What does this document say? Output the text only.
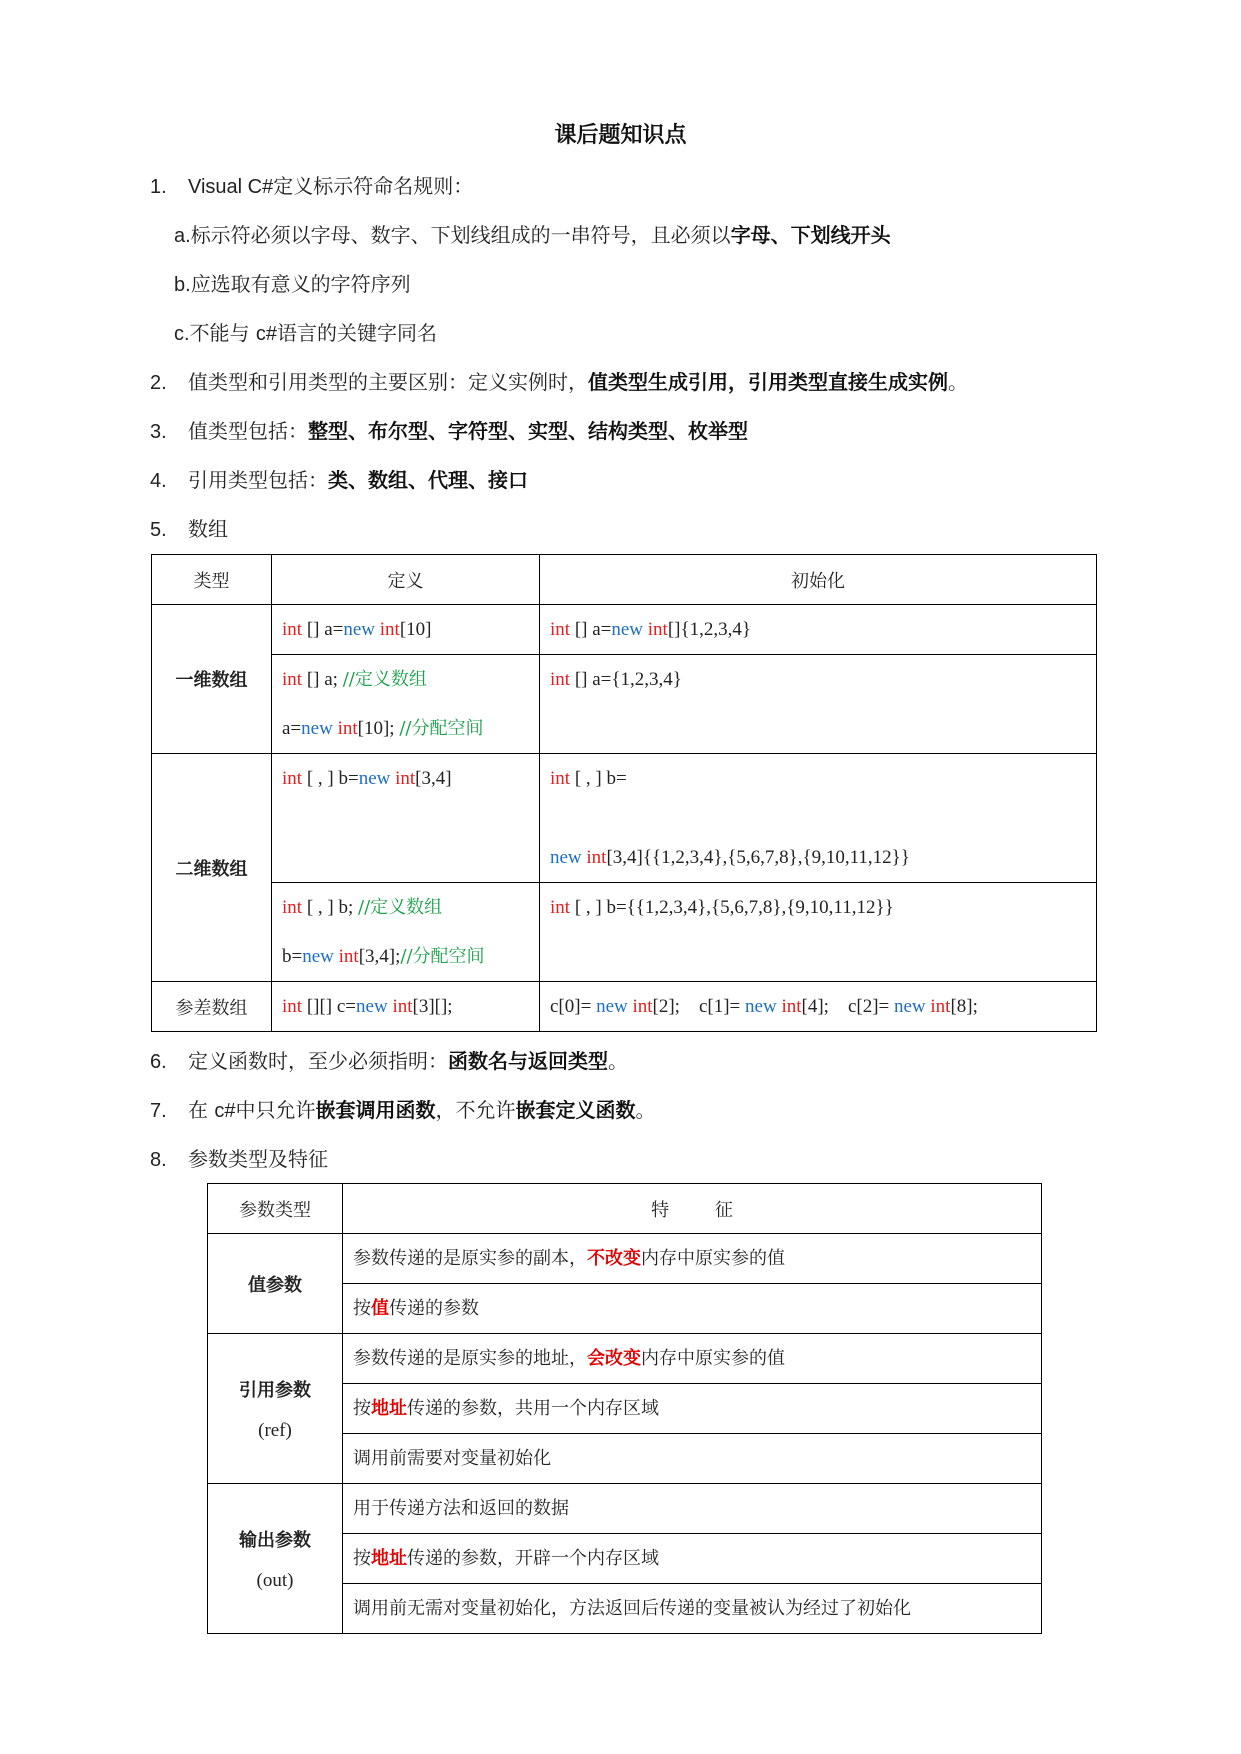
课后题知识点
1. Visual C#定义标示符命名规则：
a.标示符必须以字母、数字、下划线组成的一串符号，且必须以字母、下划线开头
b.应选取有意义的字符序列
c.不能与 c#语言的关键字同名
2. 值类型和引用类型的主要区别：定义实例时，值类型生成引用，引用类型直接生成实例。
3. 值类型包括：整型、布尔型、字符型、实型、结构类型、枚举型
4. 引用类型包括：类、数组、代理、接口
5. 数组
类型	定义	初始化
一维数组	int [] a=new int[10]	int [] a=new int[]{1,2,3,4}

	int [] a; //定义数组
a=new int[10]; //分配空间	int [] a={1,2,3,4}

二维数组	int [ , ] b=new int[3,4]	int [ , ] b=
new int[3,4]{{1,2,3,4},{5,6,7,8},{9,10,11,12}}

	int [ , ] b; //定义数组
b=new int[3,4];//分配空间	int [ , ] b={{1,2,3,4},{5,6,7,8},{9,10,11,12}}

参差数组	int [][] c=new int[3][];	c[0]= new int[2]; c[1]= new int[4]; c[2]= new int[8];
6. 定义函数时，至少必须指明：函数名与返回类型。
7. 在 c#中只允许嵌套调用函数，不允许嵌套定义函数。
8. 参数类型及特征
参数类型	特        征
值参数	参数传递的是原实参的副本，不改变内存中原实参的值

	按值传递的参数

引用参数
(ref)	参数传递的是原实参的地址，会改变内存中原实参的值

	按地址传递的参数，共用一个内存区域

	调用前需要对变量初始化

输出参数
(out)	用于传递方法和返回的数据

	按地址传递的参数，开辟一个内存区域

	调用前无需对变量初始化，方法返回后传递的变量被认为经过了初始化
